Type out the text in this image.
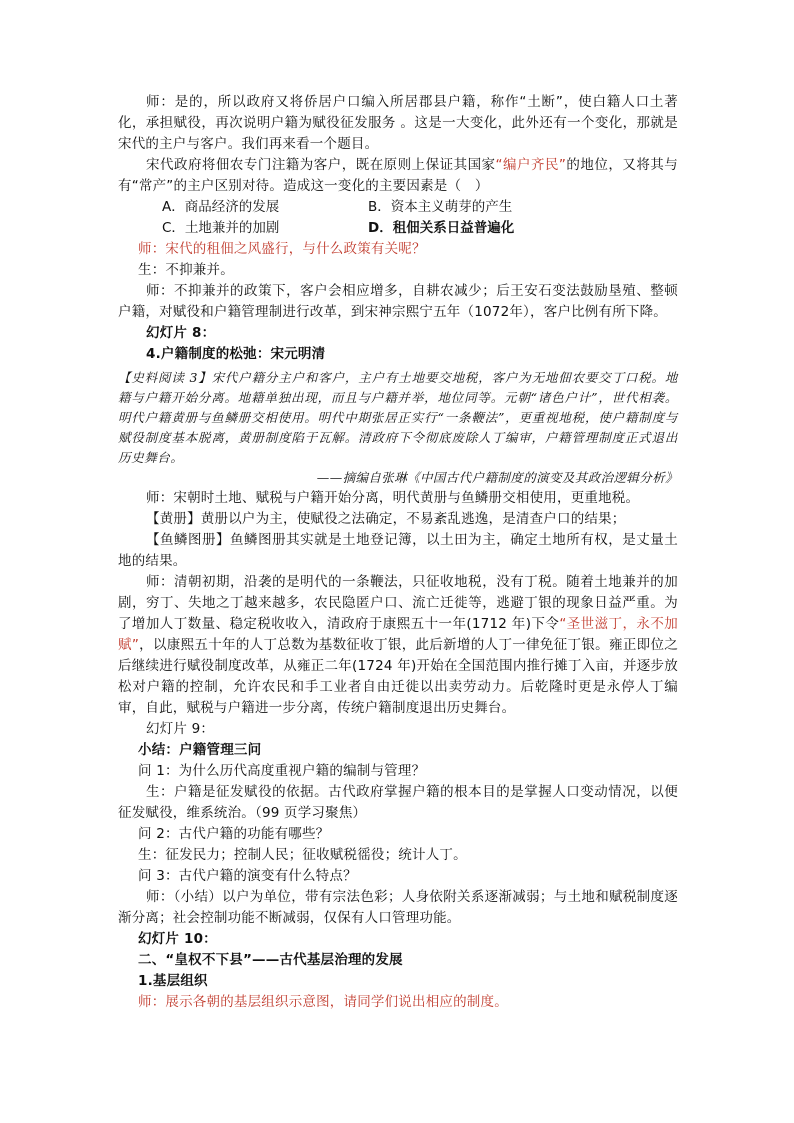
师：是的，所以政府又将侨居户口编入所居郡县户籍，称作“土断”，使白籍人口土著化，承担赋役，再次说明户籍为赋役征发服务 。这是一大变化，此外还有一个变化，那就是宋代的主户与客户。我们再来看一个题目。

宋代政府将佃农专门注籍为客户，既在原则上保证其国家“编户齐民”的地位，又将其与有“常产”的主户区别对待。造成这一变化的主要因素是（　）

A．商品经济的发展	B．资本主义萌芽的产生
C．土地兼并的加剧	D．租佃关系日益普遍化

师：宋代的租佃之风盛行，与什么政策有关呢？

生：不抑兼并。

师：不抑兼并的政策下，客户会相应增多，自耕农减少；后王安石变法鼓励垦殖、整顿户籍，对赋役和户籍管理制进行改革，到宋神宗熙宁五年（1072年），客户比例有所下降。

幻灯片 8：

4.户籍制度的松弛：宋元明清

【史料阅读 3】宋代户籍分主户和客户，主户有土地要交地税，客户为无地佃农要交丁口税。地籍与户籍开始分离。地籍单独出现，而且与户籍并举，地位同等。元朝“诸色户计”，世代相袭。明代户籍黄册与鱼鳞册交相使用。明代中期张居正实行“一条鞭法”，更重视地税，使户籍制度与赋役制度基本脱离，黄册制度陷于瓦解。清政府下令彻底废除人丁编审，户籍管理制度正式退出历史舞台。

——摘编自张琳《中国古代户籍制度的演变及其政治逻辑分析》

师：宋朝时土地、赋税与户籍开始分离，明代黄册与鱼鳞册交相使用，更重地税。

【黄册】黄册以户为主，使赋役之法确定，不易紊乱逃逸，是清查户口的结果；

【鱼鳞图册】鱼鳞图册其实就是土地登记簿，以土田为主，确定土地所有权，是丈量土地的结果。

师：清朝初期，沿袭的是明代的一条鞭法，只征收地税，没有丁税。随着土地兼并的加剧，穷丁、失地之丁越来越多，农民隐匿户口、流亡迁徙等，逃避丁银的现象日益严重。为了增加人丁数量、稳定税收收入，清政府于康熙五十一年(1712 年)下令“圣世滋丁，永不加赋”，以康熙五十年的人丁总数为基数征收丁银，此后新增的人丁一律免征丁银。雍正即位之后继续进行赋役制度改革，从雍正二年(1724 年)开始在全国范围内推行摊丁入亩，并逐步放松对户籍的控制，允许农民和手工业者自由迁徙以出卖劳动力。后乾隆时更是永停人丁编审，自此，赋税与户籍进一步分离，传统户籍制度退出历史舞台。

幻灯片 9：

小结：户籍管理三问

问 1：为什么历代高度重视户籍的编制与管理？

生：户籍是征发赋役的依据。古代政府掌握户籍的根本目的是掌握人口变动情况，以便征发赋役，维系统治。（99 页学习聚焦）

问 2：古代户籍的功能有哪些？

生：征发民力；控制人民；征收赋税徭役；统计人丁。

问 3：古代户籍的演变有什么特点？

师：（小结）以户为单位，带有宗法色彩；人身依附关系逐渐减弱；与土地和赋税制度逐渐分离；社会控制功能不断减弱，仅保有人口管理功能。

幻灯片 10：

二、“皇权不下县”——古代基层治理的发展

1.基层组织

师：展示各朝的基层组织示意图，请同学们说出相应的制度。
